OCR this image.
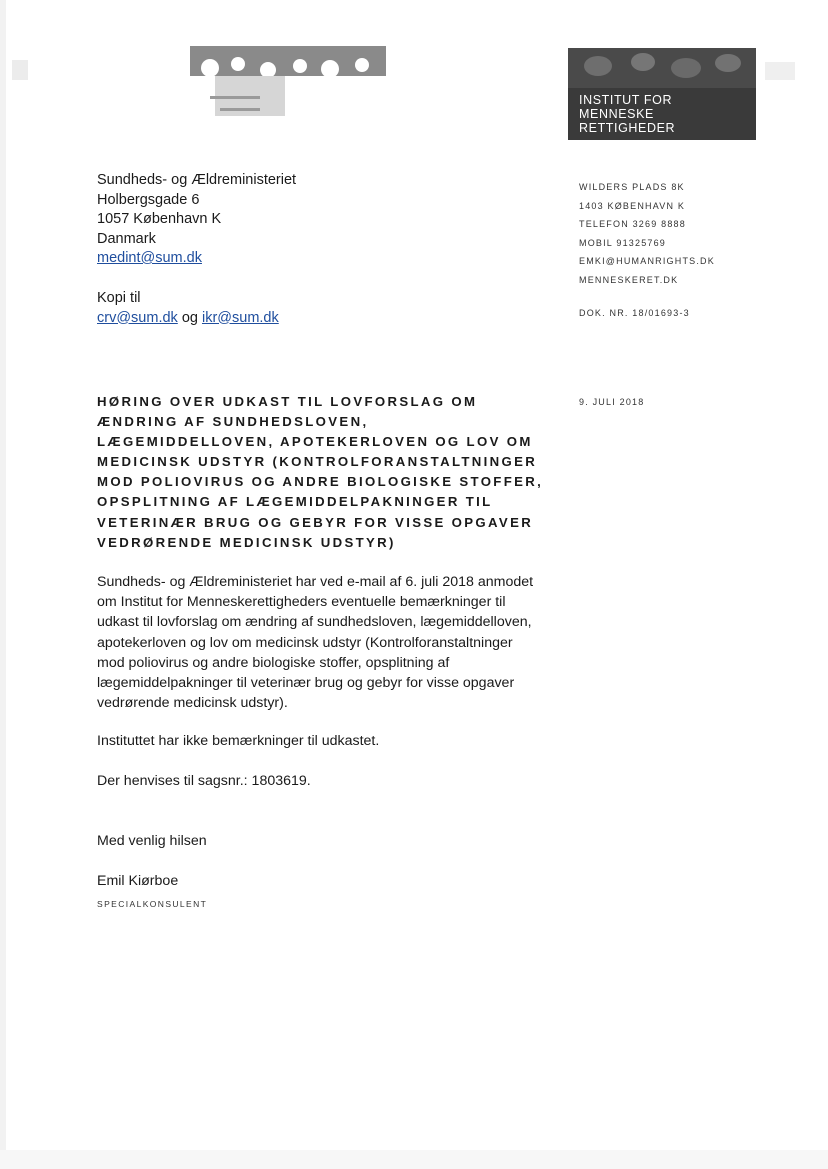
INSTITUT FOR
MENNESKE
RETTIGHEDER
Sundheds- og Ældreministeriet
Holbergsgade 6
1057 København K
Danmark
medint@sum.dk
Kopi til
crv@sum.dk og ikr@sum.dk
WILDERS PLADS 8K
1403 KØBENHAVN K
TELEFON 3269 8888
MOBIL 91325769
EMKI@HUMANRIGHTS.DK
MENNESKERET.DK
DOK. NR. 18/01693-3
9. JULI 2018
HØRING OVER UDKAST TIL LOVFORSLAG OM
ÆNDRING AF SUNDHEDSLOVEN,
LÆGEMIDDELLOVEN, APOTEKERLOVEN OG LOV OM
MEDICINSK UDSTYR (KONTROLFORANSTALTNINGER
MOD POLIOVIRUS OG ANDRE BIOLOGISKE STOFFER,
OPSPLITNING AF LÆGEMIDDELPAKNINGER TIL
VETERINÆR BRUG OG GEBYR FOR VISSE OPGAVER
VEDRØRENDE MEDICINSK UDSTYR)
Sundheds- og Ældreministeriet har ved e-mail af 6. juli 2018 anmodet
om Institut for Menneskerettigheders eventuelle bemærkninger til
udkast til lovforslag om ændring af sundhedsloven, lægemiddelloven,
apotekerloven og lov om medicinsk udstyr (Kontrolforanstaltninger
mod poliovirus og andre biologiske stoffer, opsplitning af
lægemiddelpakninger til veterinær brug og gebyr for visse opgaver
vedrørende medicinsk udstyr).
Instituttet har ikke bemærkninger til udkastet.
Der henvises til sagsnr.: 1803619.
Med venlig hilsen
Emil Kiørboe
SPECIALKONSULENT
